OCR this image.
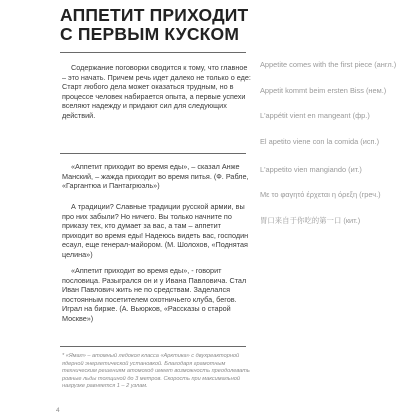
АППЕТИТ ПРИХОДИТ
С ПЕРВЫМ КУСКОМ

Содержание поговорки сводится к тому, что главное – это начать. Причем речь идет далеко не только о еде: Старт любого дела может оказаться трудным, но в процессе человек набирается опыта, а первые успехи вселяют надежду и придают сил для следующих действий.

«Аппетит приходит во время еды», – сказал Анже Манский, – жажда приходит во время питья. (Ф. Рабле, «Гаргантюа и Пантагрюэль»)

А традиции? Славные традиции русской армии, вы про них забыли? Но ничего. Вы только начните по приказу тех, кто думает за вас, а там – аппетит приходит во время еды! Надеюсь видеть вас, господин есаул, еще генерал-майором. (М. Шолохов, «Поднятая целина»)

«Аппетит приходит во время еды», - говорит пословица. Разыгрался он и у Ивана Павловича. Стал Иван Павлович жить не по средствам. Заделался постоянным посетителем охотничьего клуба, бегов. Играл на бирже. (А. Вьюрков, «Рассказы о старой Москве»)

* «Ямал» – атомный ледокол класса «Арктика» с двухреакторной ядерной энергетической установкой. Благодаря грамотным техническим решениям атомоход имеет возможность преодолевать ровные льды толщиной до 3 метров. Скорость при максимальной нагрузке равняется 1 – 2 узлам.

Appetite comes with the first piece (англ.)

Appetit kommt beim ersten Biss (нем.)

L'appétit vient en mangeant (фр.)

El apetito viene con la comida (исп.)

L'appetito vien mangiando (ит.)

Με το φαγητό έρχεται η όρεξη (греч.)

胃口来自于你吃的第一口 (кит.)

4
